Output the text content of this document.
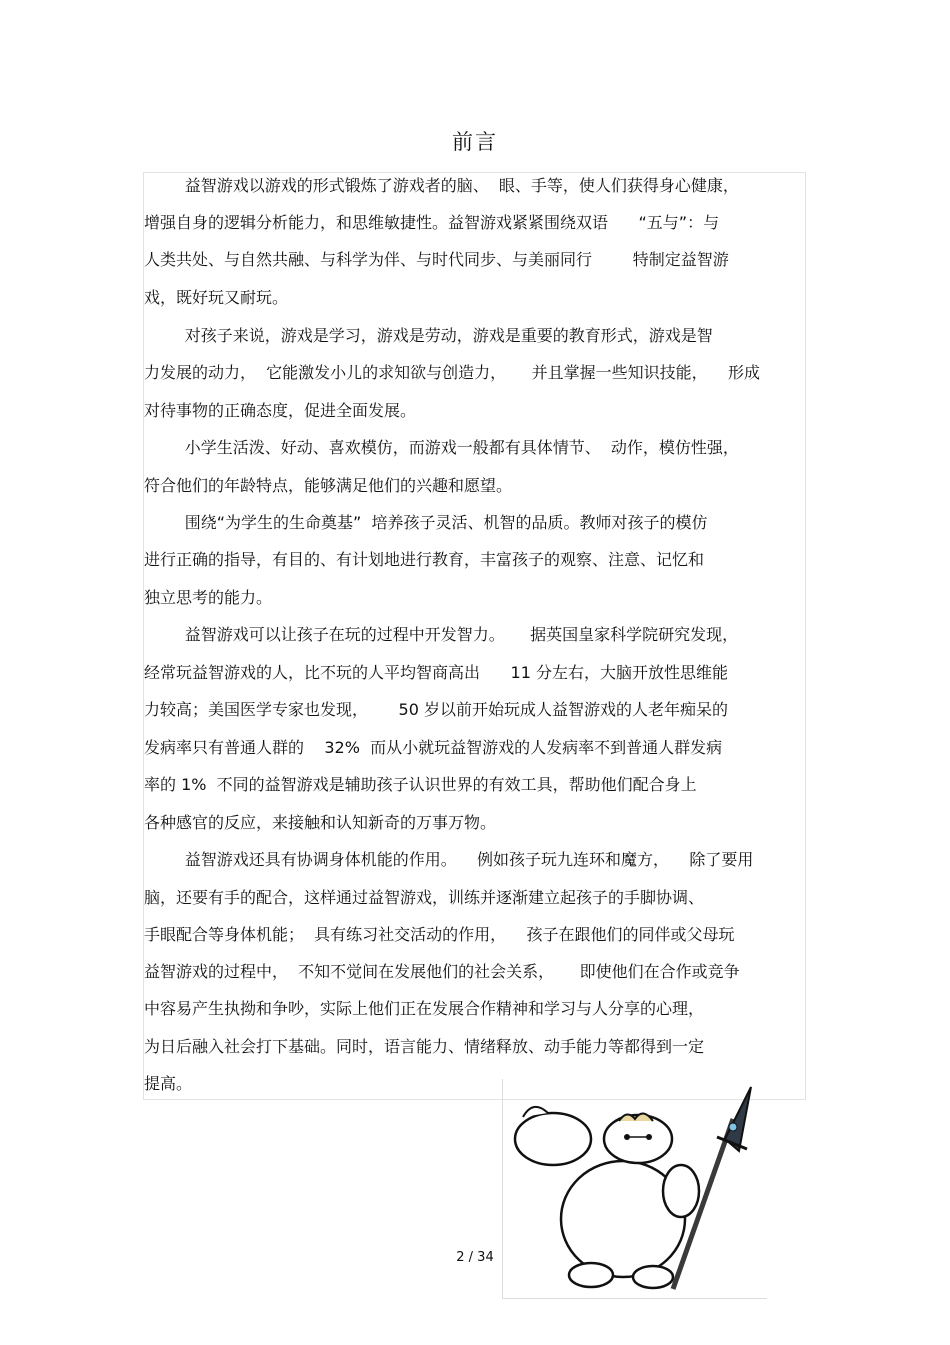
前言
益智游戏以游戏的形式锻炼了游戏者的脑、  眼、手等，使人们获得身心健康，
增强自身的逻辑分析能力，和思维敏捷性。益智游戏紧紧围绕双语      “五与”：与
人类共处、与自然共融、与科学为伴、与时代同步、与美丽同行        特制定益智游
戏，既好玩又耐玩。
对孩子来说，游戏是学习，游戏是劳动，游戏是重要的教育形式，游戏是智
力发展的动力，  它能激发小儿的求知欲与创造力，     并且掌握一些知识技能，    形成
对待事物的正确态度，促进全面发展。
小学生活泼、好动、喜欢模仿，而游戏一般都有具体情节、  动作，模仿性强，
符合他们的年龄特点，能够满足他们的兴趣和愿望。
围绕“为学生的生命奠基”  培养孩子灵活、机智的品质。教师对孩子的模仿
进行正确的指导，有目的、有计划地进行教育，丰富孩子的观察、注意、记忆和
独立思考的能力。
益智游戏可以让孩子在玩的过程中开发智力。     据英国皇家科学院研究发现，
经常玩益智游戏的人，比不玩的人平均智商高出      11 分左右，大脑开放性思维能
力较高；美国医学专家也发现，      50 岁以前开始玩成人益智游戏的人老年痴呆的
发病率只有普通人群的    32%  而从小就玩益智游戏的人发病率不到普通人群发病
率的 1%  不同的益智游戏是辅助孩子认识世界的有效工具，帮助他们配合身上
各种感官的反应，来接触和认知新奇的万事万物。
益智游戏还具有协调身体机能的作用。    例如孩子玩九连环和魔方，    除了要用
脑，还要有手的配合，这样通过益智游戏，训练并逐渐建立起孩子的手脚协调、
手眼配合等身体机能；  具有练习社交活动的作用，    孩子在跟他们的同伴或父母玩
益智游戏的过程中，  不知不觉间在发展他们的社会关系，     即使他们在合作或竞争
中容易产生执拗和争吵，实际上他们正在发展合作精神和学习与人分享的心理，
为日后融入社会打下基础。同时，语言能力、情绪释放、动手能力等都得到一定
提高。
2 / 34
